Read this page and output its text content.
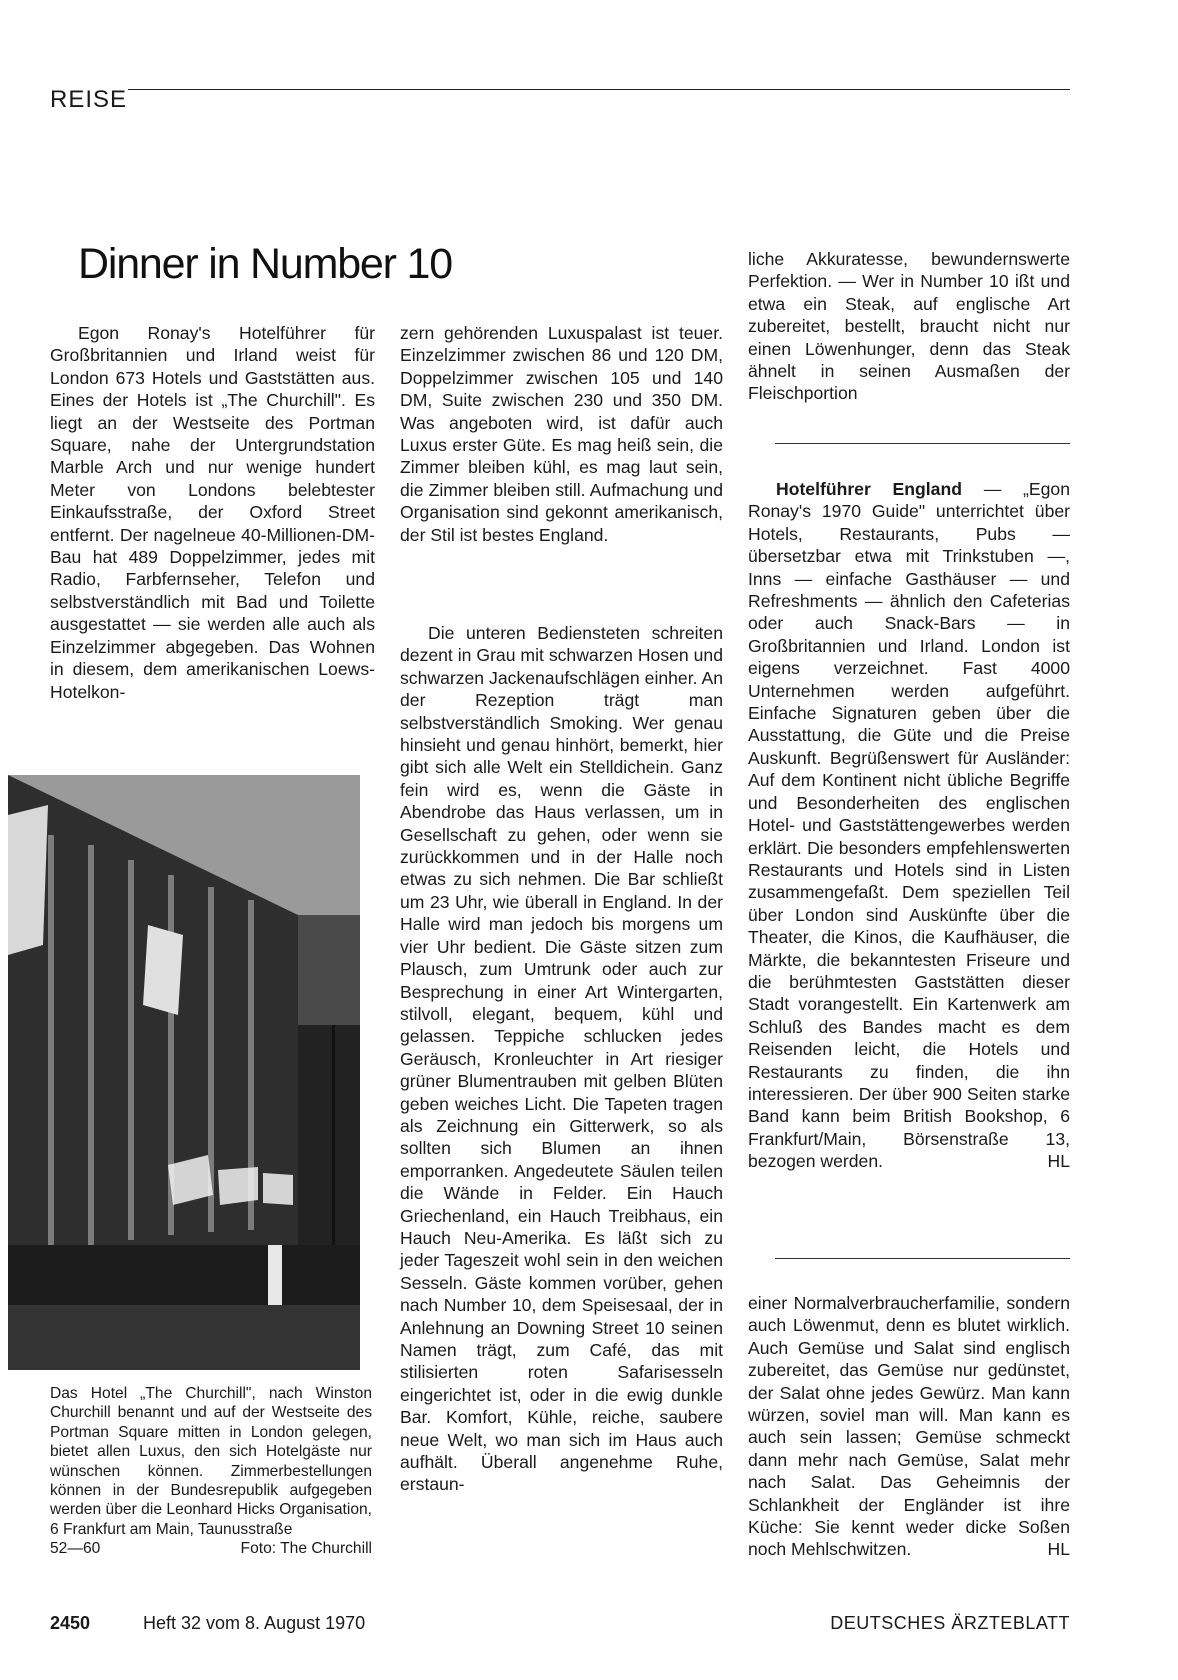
REISE
Dinner in Number 10

Egon Ronay's Hotelführer für Großbritannien und Irland weist für London 673 Hotels und Gaststätten aus. Eines der Hotels ist „The Churchill". Es liegt an der Westseite des Portman Square, nahe der Untergrundstation Marble Arch und nur wenige hundert Meter von Londons belebtester Einkaufsstraße, der Oxford Street entfernt. Der nagelneue 40-Millionen-DM-Bau hat 489 Doppelzimmer, jedes mit Radio, Farbfernseher, Telefon und selbstverständlich mit Bad und Toilette ausgestattet — sie werden alle auch als Einzelzimmer abgegeben. Das Wohnen in diesem, dem amerikanischen Loews-Hotelkon-

Das Hotel „The Churchill", nach Winston Churchill benannt und auf der Westseite des Portman Square mitten in London gelegen, bietet allen Luxus, den sich Hotelgäste nur wünschen können. Zimmerbestellungen können in der Bundesrepublik aufgegeben werden über die Leonhard Hicks Organisation, 6 Frankfurt am Main, Taunusstraße
52—60	Foto: The Churchill

zern gehörenden Luxuspalast ist teuer. Einzelzimmer zwischen 86 und 120 DM, Doppelzimmer zwischen 105 und 140 DM, Suite zwischen 230 und 350 DM. Was angeboten wird, ist dafür auch Luxus erster Güte. Es mag heiß sein, die Zimmer bleiben kühl, es mag laut sein, die Zimmer bleiben still. Aufmachung und Organisation sind gekonnt amerikanisch, der Stil ist bestes England.

Die unteren Bediensteten schreiten dezent in Grau mit schwarzen Hosen und schwarzen Jackenaufschlägen einher. An der Rezeption trägt man selbstverständlich Smoking. Wer genau hinsieht und genau hinhört, bemerkt, hier gibt sich alle Welt ein Stelldichein. Ganz fein wird es, wenn die Gäste in Abendrobe das Haus verlassen, um in Gesellschaft zu gehen, oder wenn sie zurückkommen und in der Halle noch etwas zu sich nehmen. Die Bar schließt um 23 Uhr, wie überall in England. In der Halle wird man jedoch bis morgens um vier Uhr bedient. Die Gäste sitzen zum Plausch, zum Umtrunk oder auch zur Besprechung in einer Art Wintergarten, stilvoll, elegant, bequem, kühl und gelassen. Teppiche schlucken jedes Geräusch, Kronleuchter in Art riesiger grüner Blumentrauben mit gelben Blüten geben weiches Licht. Die Tapeten tragen als Zeichnung ein Gitterwerk, so als sollten sich Blumen an ihnen emporranken. Angedeutete Säulen teilen die Wände in Felder. Ein Hauch Griechenland, ein Hauch Treibhaus, ein Hauch Neu-Amerika. Es läßt sich zu jeder Tageszeit wohl sein in den weichen Sesseln. Gäste kommen vorüber, gehen nach Number 10, dem Speisesaal, der in Anlehnung an Downing Street 10 seinen Namen trägt, zum Café, das mit stilisierten roten Safarisesseln eingerichtet ist, oder in die ewig dunkle Bar. Komfort, Kühle, reiche, saubere neue Welt, wo man sich im Haus auch aufhält. Überall angenehme Ruhe, erstaun-

liche Akkuratesse, bewundernswerte Perfektion. — Wer in Number 10 ißt und etwa ein Steak, auf englische Art zubereitet, bestellt, braucht nicht nur einen Löwenhunger, denn das Steak ähnelt in seinen Ausmaßen der Fleischportion

Hotelführer England — „Egon Ronay's 1970 Guide" unterrichtet über Hotels, Restaurants, Pubs — übersetzbar etwa mit Trinkstuben —, Inns — einfache Gasthäuser — und Refreshments — ähnlich den Cafeterias oder auch Snack-Bars — in Großbritannien und Irland. London ist eigens verzeichnet. Fast 4000 Unternehmen werden aufgeführt. Einfache Signaturen geben über die Ausstattung, die Güte und die Preise Auskunft. Begrüßenswert für Ausländer: Auf dem Kontinent nicht übliche Begriffe und Besonderheiten des englischen Hotel- und Gaststättengewerbes werden erklärt. Die besonders empfehlenswerten Restaurants und Hotels sind in Listen zusammengefaßt. Dem speziellen Teil über London sind Auskünfte über die Theater, die Kinos, die Kaufhäuser, die Märkte, die bekanntesten Friseure und die berühmtesten Gaststätten dieser Stadt vorangestellt. Ein Kartenwerk am Schluß des Bandes macht es dem Reisenden leicht, die Hotels und Restaurants zu finden, die ihn interessieren. Der über 900 Seiten starke Band kann beim British Bookshop, 6 Frankfurt/Main, Börsenstraße 13, bezogen werden.	HL

einer Normalverbraucherfamilie, sondern auch Löwenmut, denn es blutet wirklich. Auch Gemüse und Salat sind englisch zubereitet, das Gemüse nur gedünstet, der Salat ohne jedes Gewürz. Man kann würzen, soviel man will. Man kann es auch sein lassen; Gemüse schmeckt dann mehr nach Gemüse, Salat mehr nach Salat. Das Geheimnis der Schlankheit der Engländer ist ihre Küche: Sie kennt weder dicke Soßen noch Mehlschwitzen.	HL

2450	Heft 32 vom 8. August 1970	DEUTSCHES ÄRZTEBLATT
